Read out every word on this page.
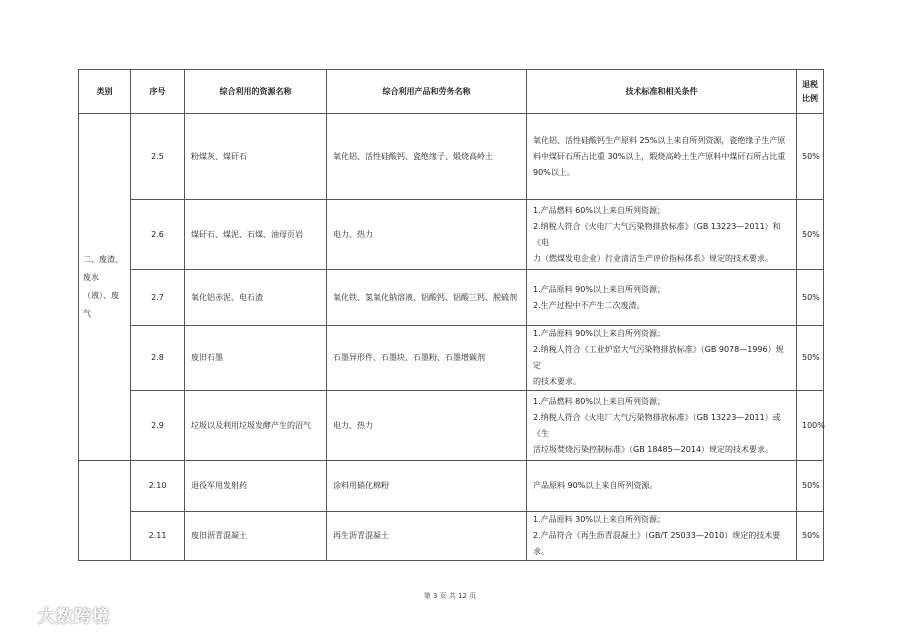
类别	序号	综合利用的资源名称	综合利用产品和劳务名称	技术标准和相关条件	退税比例
二、废渣、废水（液）、废气	2.5	粉煤灰、煤矸石	氧化铝、活性硅酸钙、瓷绝缘子、煅烧高岭土	氧化铝、活性硅酸钙生产原料 25%以上来自所列资源，瓷绝缘子生产原
料中煤矸石所占比重 30%以上，煅烧高岭土生产原料中煤矸石所占比重
90%以上。	50%
	2.6	煤矸石、煤泥、石煤、油母页岩	电力、热力	1.产品燃料 60%以上来自所列资源；
2.纳税人符合《火电厂大气污染物排放标准》（GB 13223—2011）和《电
力（燃煤发电企业）行业清洁生产评价指标体系》规定的技术要求。	50%
	2.7	氧化铝赤泥、电石渣	氧化铁、氢氧化钠溶液、铝酸钙、铝酸三钙、脱硫剂	1.产品原料 90%以上来自所列资源；
2.生产过程中不产生二次废渣。	50%
	2.8	废旧石墨	石墨异形件、石墨块、石墨粉、石墨增碳剂	1.产品原料 90%以上来自所列资源；
2.纳税人符合《工业炉窑大气污染物排放标准》（GB 9078—1996）规定
的技术要求。	50%
	2.9	垃圾以及利用垃圾发酵产生的沼气	电力、热力	1.产品燃料 80%以上来自所列资源；
2.纳税人符合《火电厂大气污染物排放标准》（GB 13223—2011）或《生
活垃圾焚烧污染控制标准》（GB 18485—2014）规定的技术要求。	100%
	2.10	退役军用发射药	涂料用硝化棉粉	产品原料 90%以上来自所列资源。	50%
	2.11	废旧沥青混凝土	再生沥青混凝土	1.产品原料 30%以上来自所列资源；
2.产品符合《再生沥青混凝土》（GB/T 25033—2010）规定的技术要求。	50%
第 3 页 共 12 页
大数跨境
